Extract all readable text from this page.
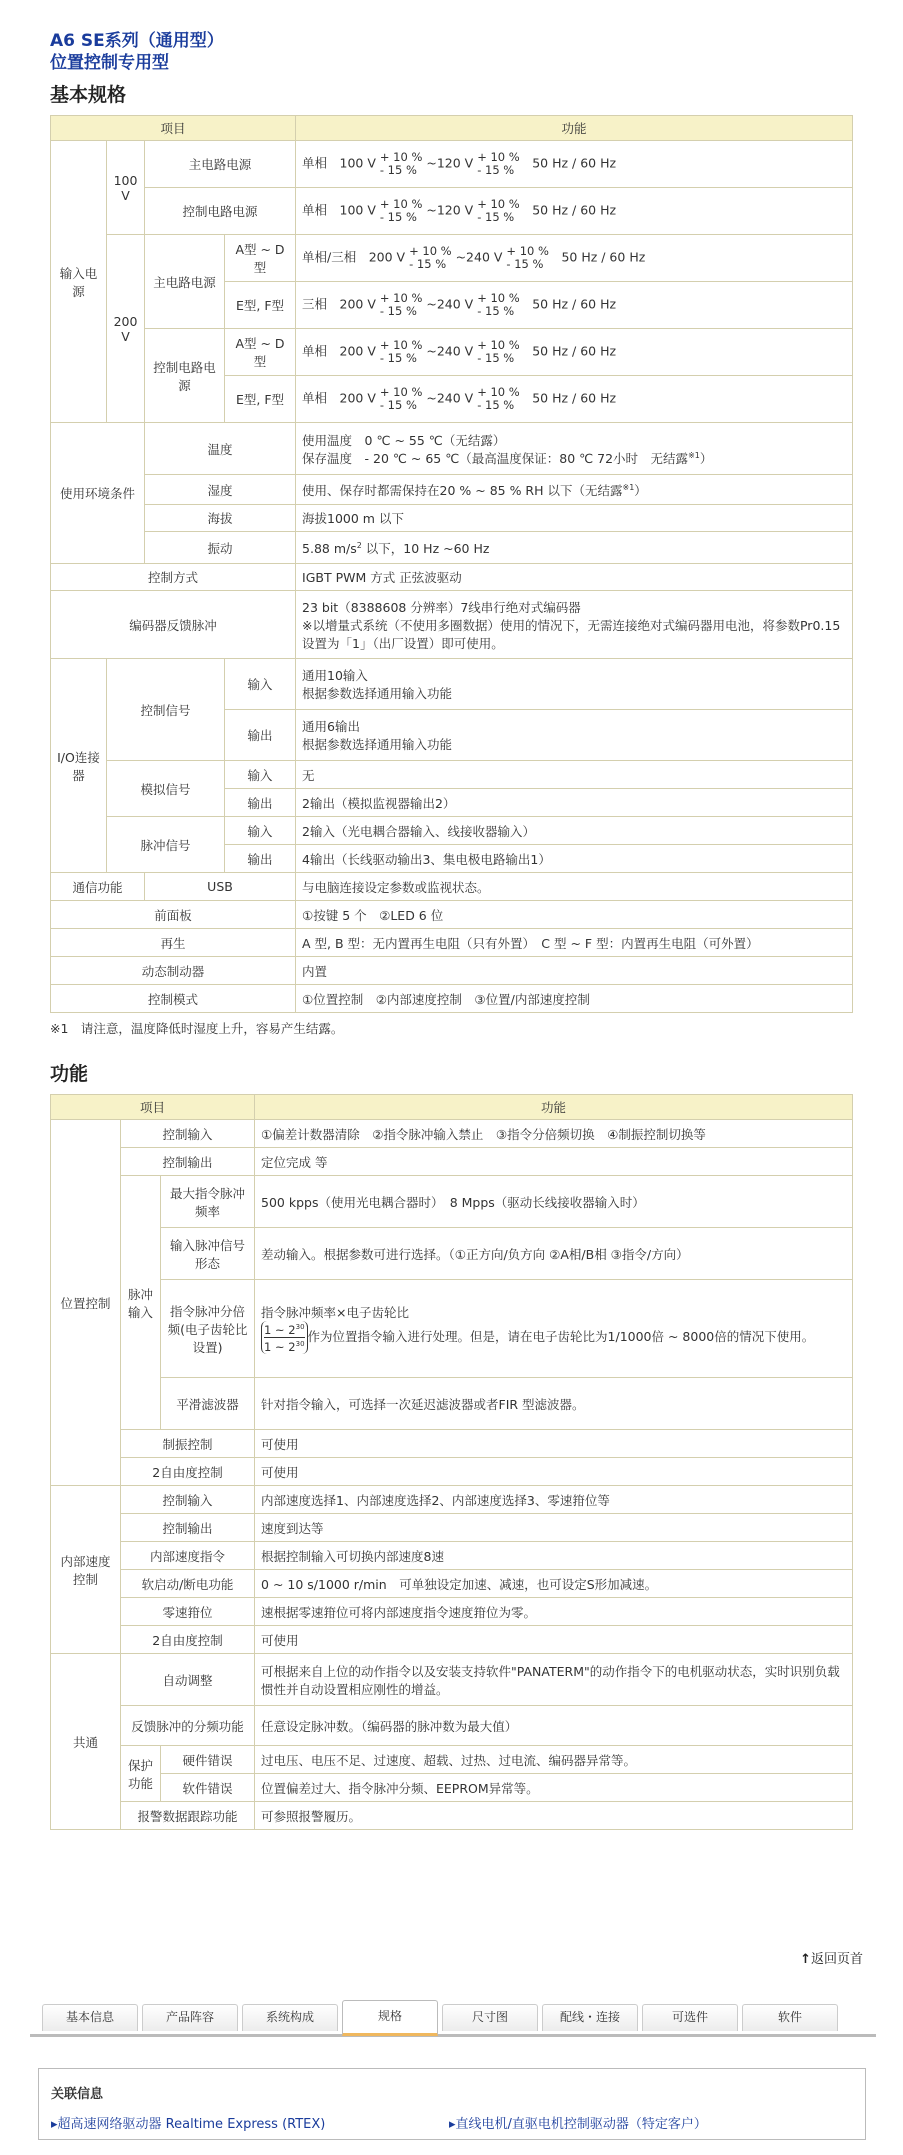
A6 SE系列（通用型）
位置控制专用型
基本规格
项目				功能
输入电源	100 V	主电路电源		单相　100 V + 10 %
- 15 % ~120 V + 10 %
- 15 %　50 Hz / 60 Hz
		控制电路电源		单相　100 V + 10 %
- 15 % ~120 V + 10 %
- 15 %　50 Hz / 60 Hz
	200 V	主电路电源	A型 ~ D型	单相/三相　200 V + 10 %
- 15 % ~240 V + 10 %
- 15 %　50 Hz / 60 Hz
			E型, F型	三相　200 V + 10 %
- 15 % ~240 V + 10 %
- 15 %　50 Hz / 60 Hz
		控制电路电源	A型 ~ D型	单相　200 V + 10 %
- 15 % ~240 V + 10 %
- 15 %　50 Hz / 60 Hz
			E型, F型	单相　200 V + 10 %
- 15 % ~240 V + 10 %
- 15 %　50 Hz / 60 Hz
使用环境条件		温度		使用温度　0 ℃ ~ 55 ℃（无结露）
保存温度　- 20 ℃ ~ 65 ℃（最高温度保证：80 ℃ 72小时　无结露$^{※1}$）

		湿度		使用、保存时都需保持在20 % ~ 85 % RH 以下（无结露$^{※1}$）
		海拔		海拔1000 m 以下
		振动		5.88 $m/s^2$ 以下，10 Hz ~60 Hz
控制方式				IGBT PWM 方式 正弦波驱动
编码器反馈脉冲				23 bit（8388608 分辨率）7线串行绝对式编码器
※以增量式系统（不使用多圈数据）使用的情况下，无需连接绝对式编码器用电池，将参数Pr0.15 设置为「1」（出厂设置）即可使用。

I/O连接器	控制信号		输入	通用10输入
根据参数选择通用输入功能

			输出	通用6输出
根据参数选择通用输入功能

	模拟信号		输入	无
			输出	2输出（模拟监视器输出2）
	脉冲信号		输入	2输入（光电耦合器输入、线接收器输入）
			输出	4输出（长线驱动输出3、集电极电路输出1）
通信功能		USB		与电脑连接设定参数或监视状态。
前面板				①按键 5 个　②LED 6 位
再生				A 型, B 型：无内置再生电阻（只有外置）　C 型 ~ F 型：内置再生电阻（可外置）
动态制动器				内置
控制模式				①位置控制　②内部速度控制　③位置/内部速度控制
※1　请注意，温度降低时湿度上升，容易产生结露。
功能
项目			功能
位置控制	控制输入		①偏差计数器清除　②指令脉冲输入禁止　③指令分倍频切换　④制振控制切换等
	控制输出		定位完成 等
	脉冲输入	最大指令脉冲频率	500 kpps（使用光电耦合器时）　8 Mpps（驱动长线接收器输入时）
		输入脉冲信号形态	差动输入。根据参数可进行选择。（①正方向/负方向 ②A相/B相 ③指令/方向）
		指令脉冲分倍频(电子齿轮比设置)	指令脉冲频率×电子齿轮比
$\frac{1 \sim 2^{30}}{1 \sim 2^{30}}$ 作为位置指令输入进行处理。但是，请在电子齿轮比为1/1000倍 ~ 8000倍的情况下使用。

		平滑滤波器	针对指令输入，可选择一次延迟滤波器或者FIR 型滤波器。
	制振控制		可使用
	2自由度控制		可使用

内部速度控制	控制输入		内部速度选择1、内部速度选择2、内部速度选择3、零速箝位等
	控制输出		速度到达等
	内部速度指令		根据控制输入可切换内部速度8速
	软启动/断电功能		0 ~ 10 s/1000 r/min　可单独设定加速、减速，也可设定S形加减速。
	零速箝位		速根据零速箝位可将内部速度指令速度箝位为零。
	2自由度控制		可使用
共通	自动调整		可根据来自上位的动作指令以及安装支持软件"PANATERM"的动作指令下的电机驱动状态，实时识别负载惯性并自动设置相应刚性的增益。
	反馈脉冲的分频功能		任意设定脉冲数。（编码器的脉冲数为最大值）
	保护功能	硬件错误	过电压、电压不足、过速度、超载、过热、过电流、编码器异常等。
		软件错误	位置偏差过大、指令脉冲分频、EEPROM异常等。
	报警数据跟踪功能		可参照报警履历。
↑返回页首
基本信息	产品阵容	系统构成	规格	尺寸图	配线・连接	可选件	软件
关联信息
▸超高速网络驱动器 Realtime Express (RTEX)	▸直线电机/直驱电机控制驱动器（特定客户）
